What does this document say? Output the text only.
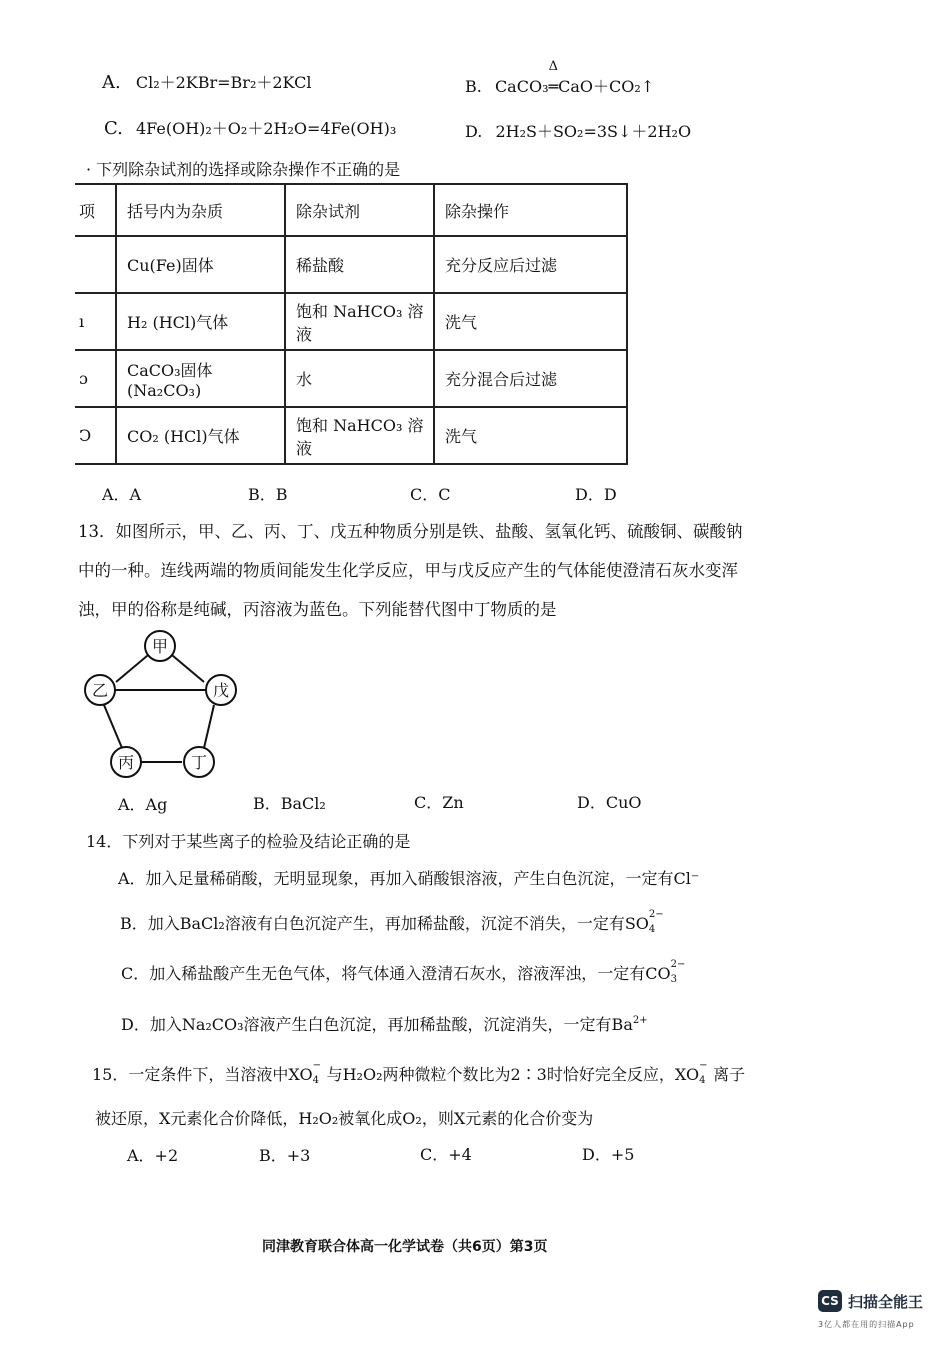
A. Cl₂＋2KBr=Br₂＋2KCl	B. CaCO₃
Δ
═CaO＋CO₂↑
C. 4Fe(OH)₂＋O₂＋2H₂O=4Fe(OH)₃	D. 2H₂S＋SO₂=3S↓＋2H₂O
· 下列除杂试剂的选择或除杂操作不正确的是
项	括号内为杂质	除杂试剂	除杂操作
	Cu(Fe)固体	稀盐酸	充分反应后过滤
ı	H₂ (HCl)气体	饱和 NaHCO₃ 溶液	洗气
ɔ	CaCO₃固体(Na₂CO₃)	水	充分混合后过滤
Ↄ	CO₂ (HCl)气体	饱和 NaHCO₃ 溶液	洗气
A．A	B．B	C．C	D．D
13．如图所示，甲、乙、丙、丁、戊五种物质分别是铁、盐酸、氢氧化钙、硫酸铜、碳酸钠
中的一种。连线两端的物质间能发生化学反应，甲与戊反应产生的气体能使澄清石灰水变浑
浊，甲的俗称是纯碱，丙溶液为蓝色。下列能替代图中丁物质的是
甲
乙	戊
丙	丁
A．Ag	B．BaCl₂	C．Zn	D．CuO
14．下列对于某些离子的检验及结论正确的是
A．加入足量稀硝酸，无明显现象，再加入硝酸银溶液，产生白色沉淀，一定有Cl⁻
B．加入BaCl₂溶液有白色沉淀产生，再加稀盐酸，沉淀不消失，一定有SO 2−
4
C．加入稀盐酸产生无色气体，将气体通入澄清石灰水，溶液浑浊，一定有CO 2−
3
D．加入Na₂CO₃溶液产生白色沉淀，再加稀盐酸，沉淀消失，一定有$Ba^{2+}$
15．一定条件下，当溶液中XO −
4 与H₂O₂两种微粒个数比为2∶3时恰好完全反应，XO −
4 离子
被还原，X元素化合价降低，H₂O₂被氧化成O₂，则X元素的化合价变为
A．+2	B．+3	C．+4	D．+5
同津教育联合体高一化学试卷（共6页）第3页
CS 扫描全能王
3亿人都在用的扫描App
